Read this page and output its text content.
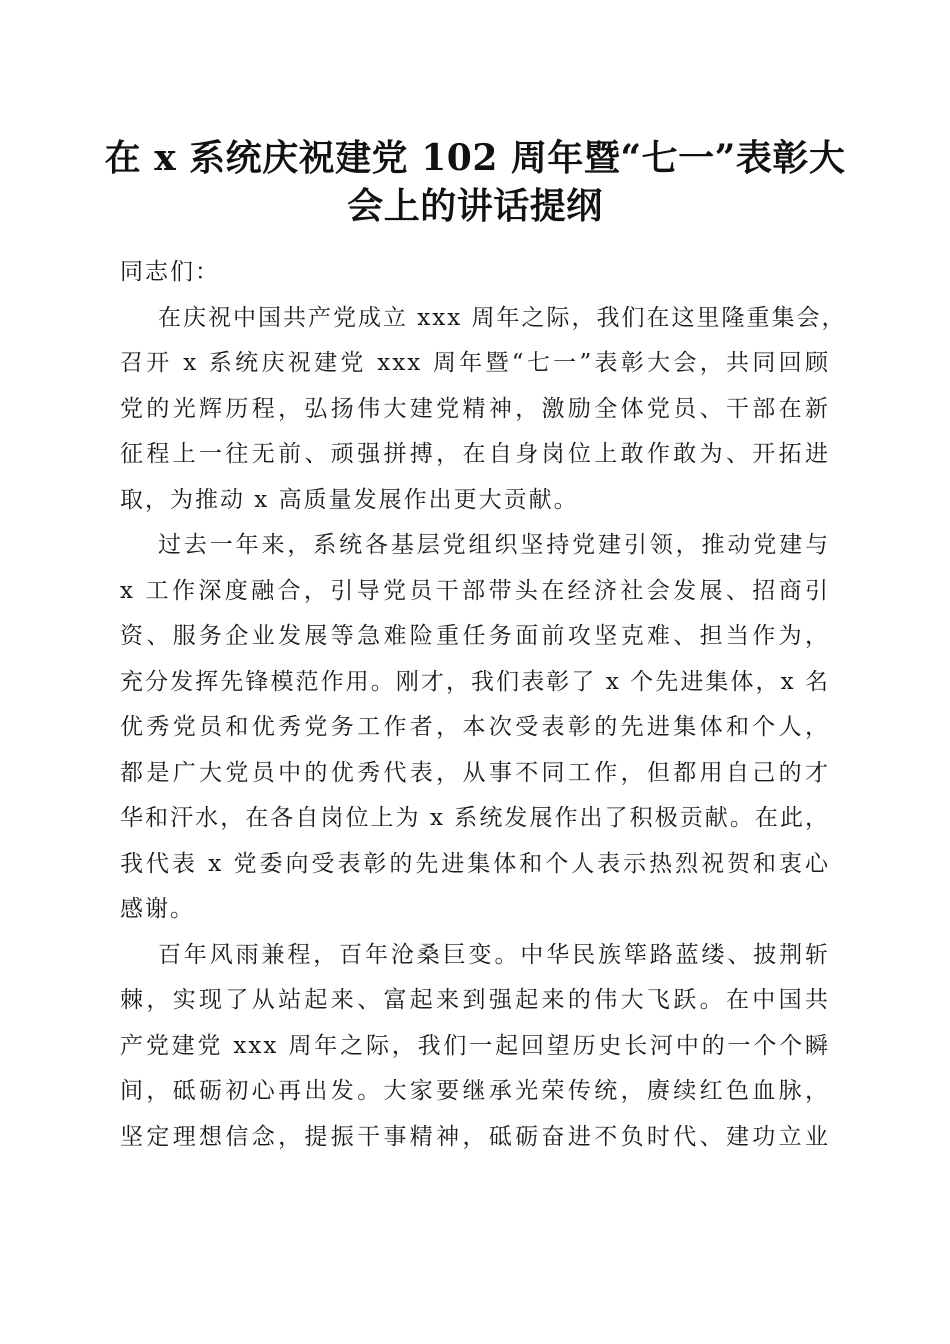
在 x 系统庆祝建党 102 周年暨“七一”表彰大
会上的讲话提纲
同志们：
在庆祝中国共产党成立 xxx 周年之际，我们在这里隆重集会，
召开 x 系统庆祝建党 xxx 周年暨“七一”表彰大会，共同回顾
党的光辉历程，弘扬伟大建党精神，激励全体党员、干部在新
征程上一往无前、顽强拼搏，在自身岗位上敢作敢为、开拓进
取，为推动 x 高质量发展作出更大贡献。
过去一年来，系统各基层党组织坚持党建引领，推动党建与
x 工作深度融合，引导党员干部带头在经济社会发展、招商引
资、服务企业发展等急难险重任务面前攻坚克难、担当作为，
充分发挥先锋模范作用。刚才，我们表彰了 x 个先进集体，x 名
优秀党员和优秀党务工作者，本次受表彰的先进集体和个人，
都是广大党员中的优秀代表，从事不同工作，但都用自己的才
华和汗水，在各自岗位上为 x 系统发展作出了积极贡献。在此，
我代表 x 党委向受表彰的先进集体和个人表示热烈祝贺和衷心
感谢。
百年风雨兼程，百年沧桑巨变。中华民族筚路蓝缕、披荆斩
棘，实现了从站起来、富起来到强起来的伟大飞跃。在中国共
产党建党 xxx 周年之际，我们一起回望历史长河中的一个个瞬
间，砥砺初心再出发。大家要继承光荣传统，赓续红色血脉，
坚定理想信念，提振干事精神，砥砺奋进不负时代、建功立业
